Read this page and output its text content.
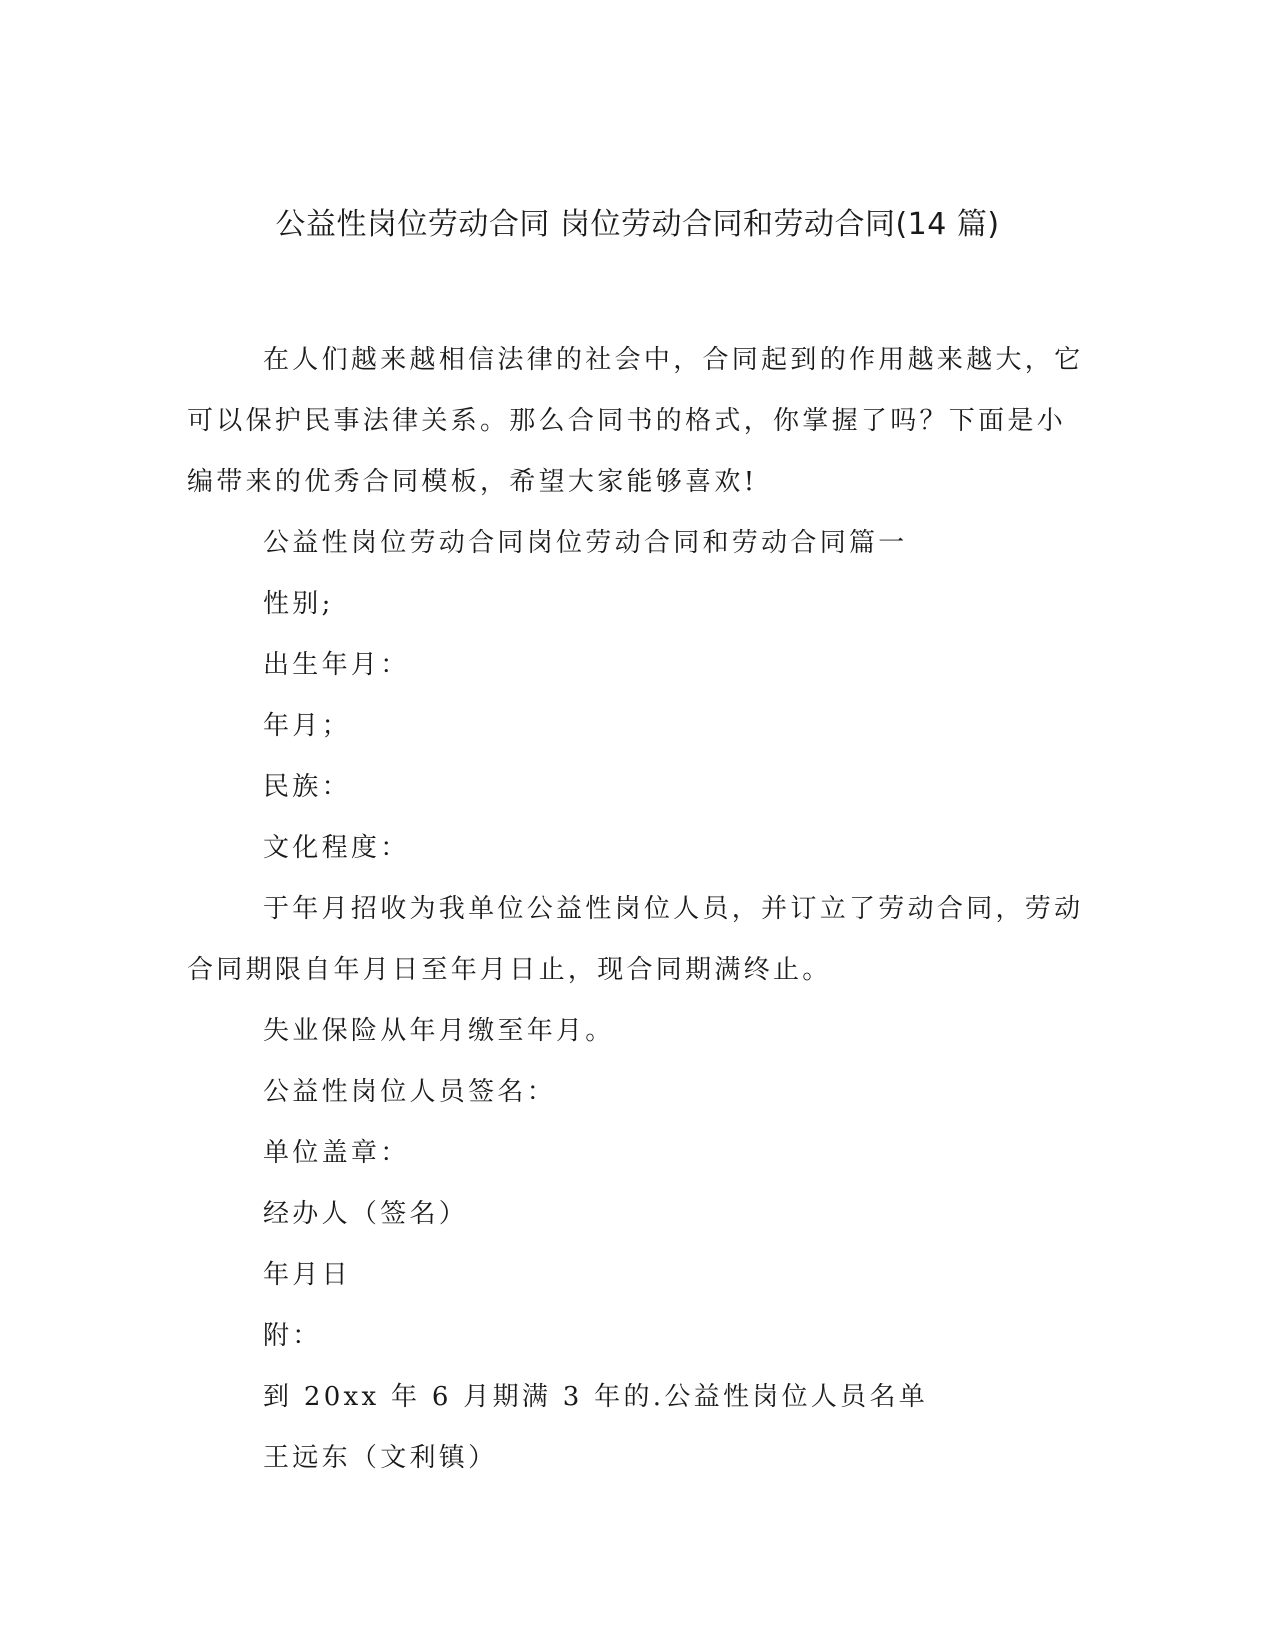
公益性岗位劳动合同 岗位劳动合同和劳动合同(14 篇)

在人们越来越相信法律的社会中，合同起到的作用越来越大，它

可以保护民事法律关系。那么合同书的格式，你掌握了吗？下面是小

编带来的优秀合同模板，希望大家能够喜欢!

公益性岗位劳动合同岗位劳动合同和劳动合同篇一

性别;

出生年月：

年月；

民族：

文化程度：

于年月招收为我单位公益性岗位人员，并订立了劳动合同，劳动

合同期限自年月日至年月日止，现合同期满终止。

失业保险从年月缴至年月。

公益性岗位人员签名：

单位盖章：

经办人（签名）

年月日

附：

到 20xx 年 6 月期满 3 年的.公益性岗位人员名单

王远东（文利镇）
